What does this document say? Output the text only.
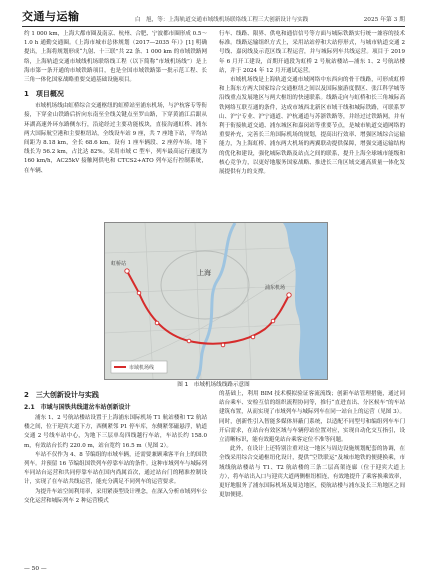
交通与运输	白　旭，等：上海轨道交通市域线机场联络线工程三大创新设计与实践	2025 年第 3 期

约 1 000 km，上海大都市圈及南京、杭州、合肥、宁波都市圈形成 0.5～1.0 h 通勤交通圈。《上海市城市总体规划（2017—2035 年）》[1] 明确提出，上海将规划形成“九射、十三联”共 22 条、1 000 km 的市域铁路网络，上海轨道交通市域线机场联络线工程（以下简称“市域机场线”）是上海市第一条开通的市域铁路项目，也是全国市域铁路第一批示范工程、长三角一体化国家战略重要交通基础设施项目。

1　项目概况

市域机场线由虹桥综合交通枢纽的虹桥站至浦东机场，与沪杭客专等衔接，下穿金山铁路后折向东南至全线关键点至罗山路，下穿黄浦江后跟从环湖高速外环东路侧东行，沿途经过主要功能板块，直接沟通虹桥、浦东两大国际航空港和主要枢纽站，全线设车站 9 座，共 7 座地下站，平均站间距为 8.18 km，全长 68.6 km。设有 1 座车辆段、2 座停车场。地下线长为 56.2 km，占比达 82%。采用市域 C 型车，列车最高运行速度为 160 km/h，AC25kV 接触网供电和 CTCS2+ATO 列车运行控制系统，在车辆、

行车、线路、限界、供电和通信信号等方面与城际铁路实行统一兼容的技术标准。线路运输组织方式上，采用站站停和大站停形式，与城市轨道交通 2 号线、嘉闵线及示范区线工程运营，并与城际列车共线运营。项目于 2019 年 6 月开工建设，首期开通段为虹桥 2 号航站楼站—浦东 1、2 号航站楼站，并于 2024 年 12 月开通试运营。

市域机场线是上海轨道交通市域网络中东西向的骨干线路，可形成虹桥和上海东方两大国家综合交通枢纽之间以及国际旅游度假区、张江科学城等沿线重点发展地区与两大枢纽的快速联系。线路走向与虹桥和长三角城际高铁网络互联互通的条件，达成市域西北新区市域干线和城际铁路，可联系罗山、沪宁专业、沪宁通道、沪杭通道与苏浙铁路等，并经过过铁路网，并有利于衔接轨道交通、浦东城区和嘉闵站等重要节点，是城市轨道交通网络的重要补充，完善长三角国际机场的规划，提高出行效率、增强区域综合运输能力，为上海虹桥、浦东两大机场的两翼联动提供保障，增强交通运输结构的优化和建设，强化城际铁路及站点之间的联系，提升上海全球城市能级和核心竞争力，以更好地服务国家战略、推进长三角区域交通高质量一体化发展提供有力的支撑。

上海
虹桥站
浦东机场
市域机场线
图 1　市域机场线线路示意图
2　三大创新设计与实践
2.1　市域与国铁共线道岔车站创新设计

浦东 1、2 号航站楼站设置于上海浦东国际机场 T1 航站楼和 T2 航站楼之间，位于迎宾大道下方，西侧紧邻 P1 停车库，东侧紧邻磁悬浮，轨道交通 2 号线车站中心，为地下三层单岛四线越行车站，车站长约 158.0 m，有效站台长约 220.0 m，站台宽约 16.5 m（见图 2）。

车站不仅作为 4、8 节编组的市域车辆，还需要兼顾乘客平台上的国铁列车。并预留 16 节编组国铁列车停靠车站的条件。这种市域列车与城际列车同站台运营和共同停靠车站在国内尚属首次，通过站台门的精准控制设计，实现了在车站共线运营，能充分满足不同列车的运营要求。

为提升车站空间利用率，采用紧凑型设计理念，在深入分析市域列车公交化运营和城际列车 2 种运营模式

的基础上，利用 BIM 技术模拟验证客流流线；创新车站管理措施，通过同站台乘车、安检互信的组织流程协同等，推行“直进直出、分区候车”的车站建筑布置，从而实现了市域列车与城际列车在同一站台上的运营（见图 3）。同时，创新性引入智能多媒体屏蔽门系统，以适配不同型号和编组列车车门开启需求，在站台有效区域与车辆停站位置对应，实现自动化交互指引，设立清晰标识，能有效避免站台乘客定位不准等问题。

此外，在设计上还特别注重对这一地区与周边设施规划配套的协调，在全线采用综合交通枢纽化设计，提供“空铁联运”及城市地铁的便捷换乘，市域线航站楼站与 T1、T2 航站楼的三条二层高架连廊（位于迎宾大道上方），将车站出入口与迎宾大道两侧枢纽相连，有效地提升了乘客换乘效率，更好地服务了浦东国际机场及周边地区，使航站楼与浦东及长三角地区之间更加便捷。

— 50 —
